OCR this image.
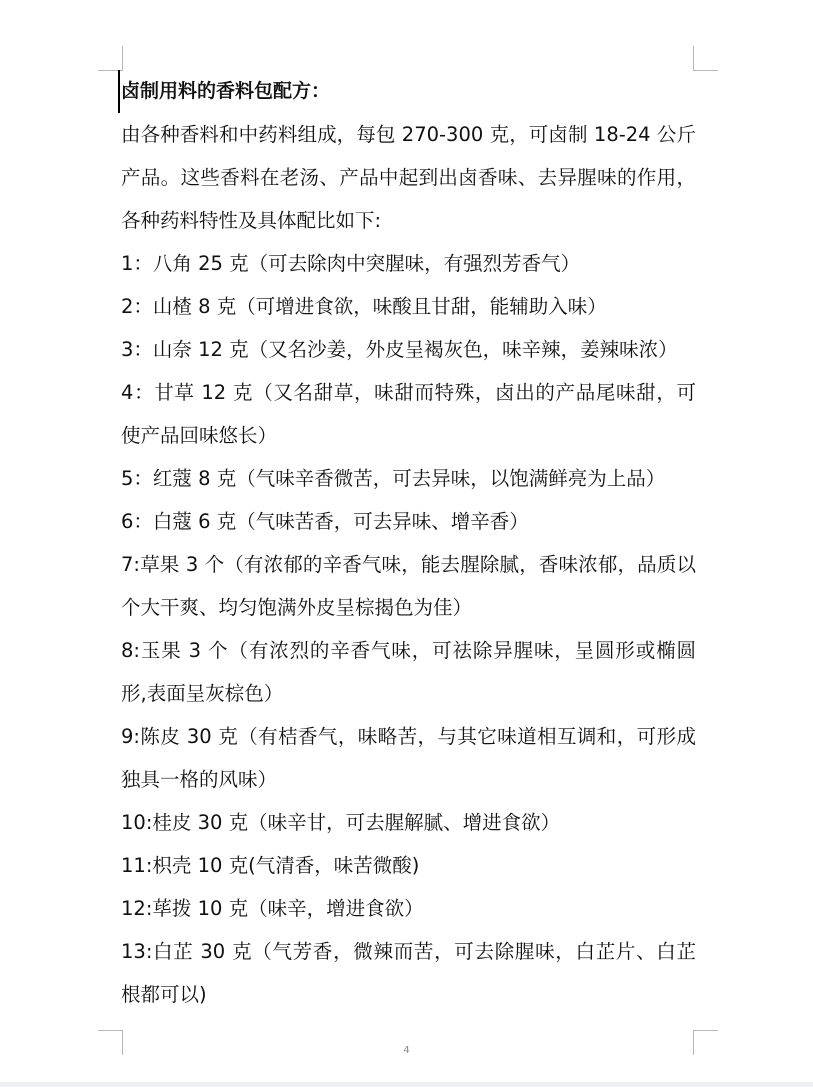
卤制用料的香料包配方：
由各种香料和中药料组成，每包 270-300 克，可卤制 18-24 公斤产品。这些香料在老汤、产品中起到出卤香味、去异腥味的作用，各种药料特性及具体配比如下:
1：八角 25 克（可去除肉中突腥味，有强烈芳香气）
2：山楂 8 克（可增进食欲，味酸且甘甜，能辅助入味）
3：山奈 12 克（又名沙姜，外皮呈褐灰色，味辛辣，姜辣味浓）
4：甘草 12 克（又名甜草，味甜而特殊，卤出的产品尾味甜，可使产品回味悠长）
5：红蔻 8 克（气味辛香微苦，可去异味，以饱满鲜亮为上品）
6：白蔻 6 克（气味苦香，可去异味、增辛香）
7:草果 3 个（有浓郁的辛香气味，能去腥除腻，香味浓郁，品质以个大干爽、均匀饱满外皮呈棕揭色为佳）
8:玉果 3 个（有浓烈的辛香气味，可祛除异腥味，呈圆形或椭圆形,表面呈灰棕色）
9:陈皮 30 克（有桔香气，味略苦，与其它味道相互调和，可形成独具一格的风味）
10:桂皮 30 克（味辛甘，可去腥解腻、增进食欲）
11:枳壳 10 克(气清香，味苦微酸)
12:荜拨 10 克（味辛，增进食欲）
13:白芷 30 克（气芳香，微辣而苦，可去除腥味，白芷片、白芷根都可以)
4
